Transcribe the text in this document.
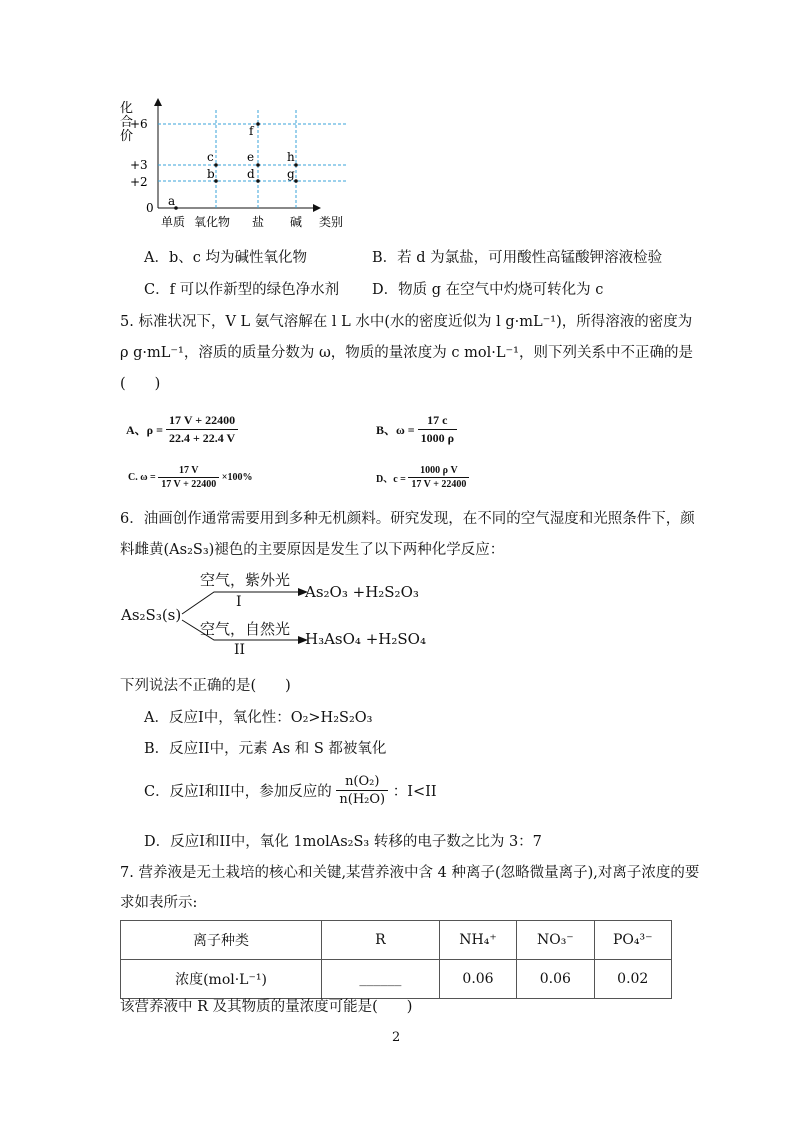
化
合
价
+6
+3
+2
0
单质 氧化物 盐 碱 类别
a
b
c
d
e
f
g
h
A．b、c 均为碱性氧化物	B．若 d 为氯盐，可用酸性高锰酸钾溶液检验
C．f 可以作新型的绿色净水剂 D．物质 g 在空气中灼烧可转化为 c
5. 标准状况下，V L 氨气溶解在 l L 水中(水的密度近似为 l g·mL⁻¹)，所得溶液的密度为
ρ g·mL⁻¹，溶质的质量分数为 ω，物质的量浓度为 c mol·L⁻¹，则下列关系中不正确的是
(　　)
A、$\rho = \frac{17 V + 22400}{22.4 + 22.4 V}$	B、$\omega = \frac{17 c}{1000 \rho}$
C. $\omega = \frac{17 V}{17 V + 22400} \times 100\%$	D、$c = \frac{\text{1000 ρ V}}{17 V + 22400}$
6．油画创作通常需要用到多种无机颜料。研究发现，在不同的空气湿度和光照条件下，颜
料雌黄(As₂S₃)褪色的主要原因是发生了以下两种化学反应：
As₂S₃(s)
空气，紫外光
I
As₂O₃ +H₂S₂O₃
空气，自然光
II
H₃AsO₄ +H₂SO₄
下列说法不正确的是(　　)
A．反应I中，氧化性：O₂>H₂S₂O₃
B．反应II中，元素 As 和 S 都被氧化
C．反应I和II中，参加反应的 $\frac{\text{n(O₂)}}{\text{n(H₂O)}}$ ：I<II
D．反应I和II中，氧化 1molAs₂S₃ 转移的电子数之比为 3：7
7. 营养液是无土栽培的核心和关键,某营养液中含 4 种离子(忽略微量离子),对离子浓度的要
求如表所示:
离子种类	R	NH₄⁺	NO₃⁻	PO₄³⁻
浓度(mol·L⁻¹)	______	0.06	0.06	0.02
该营养液中 R 及其物质的量浓度可能是(　　)
2
